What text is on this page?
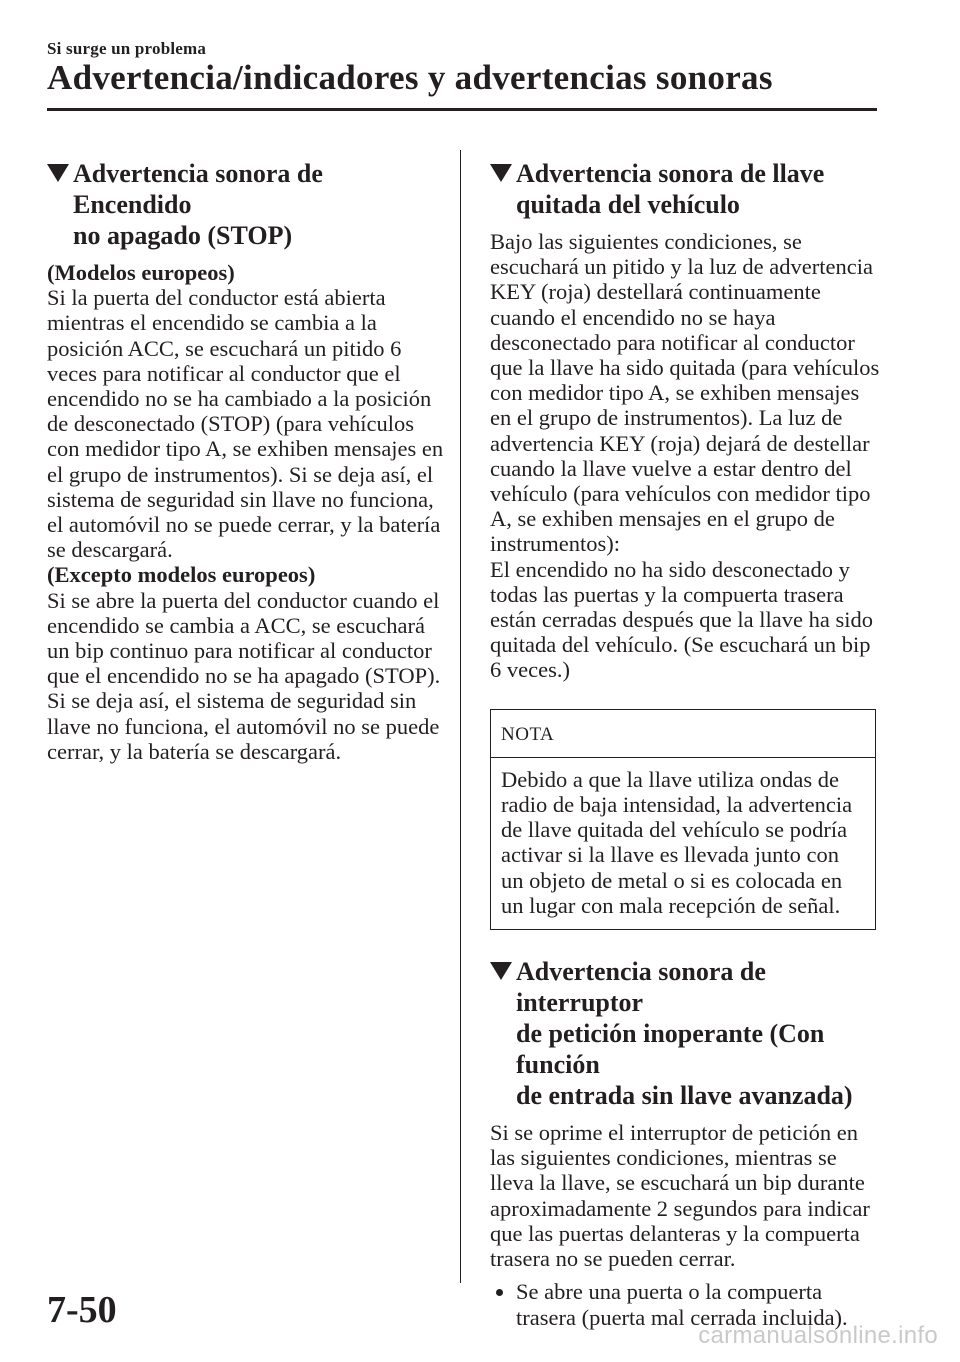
Si surge un problema
Advertencia/indicadores y advertencias sonoras
Advertencia sonora de Encendido
no apagado (STOP)
(Modelos europeos)

Si la puerta del conductor está abierta mientras el encendido se cambia a la posición ACC, se escuchará un pitido 6 veces para notificar al conductor que el encendido no se ha cambiado a la posición de desconectado (STOP) (para vehículos con medidor tipo A, se exhiben mensajes en el grupo de instrumentos). Si se deja así, el sistema de seguridad sin llave no funciona, el automóvil no se puede cerrar, y la batería se descargará.

(Excepto modelos europeos)

Si se abre la puerta del conductor cuando el encendido se cambia a ACC, se escuchará un bip continuo para notificar al conductor que el encendido no se ha apagado (STOP). Si se deja así, el sistema de seguridad sin llave no funciona, el automóvil no se puede cerrar, y la batería se descargará.

Advertencia sonora de llave
quitada del vehículo

Bajo las siguientes condiciones, se escuchará un pitido y la luz de advertencia KEY (roja) destellará continuamente cuando el encendido no se haya desconectado para notificar al conductor que la llave ha sido quitada (para vehículos con medidor tipo A, se exhiben mensajes en el grupo de instrumentos). La luz de advertencia KEY (roja) dejará de destellar cuando la llave vuelve a estar dentro del vehículo (para vehículos con medidor tipo A, se exhiben mensajes en el grupo de instrumentos):

El encendido no ha sido desconectado y todas las puertas y la compuerta trasera están cerradas después que la llave ha sido quitada del vehículo. (Se escuchará un bip 6 veces.)

NOTA
Debido a que la llave utiliza ondas de radio de baja intensidad, la advertencia de llave quitada del vehículo se podría activar si la llave es llevada junto con un objeto de metal o si es colocada en un lugar con mala recepción de señal.
Advertencia sonora de interruptor
de petición inoperante (Con función
de entrada sin llave avanzada)

Si se oprime el interruptor de petición en las siguientes condiciones, mientras se lleva la llave, se escuchará un bip durante aproximadamente 2 segundos para indicar que las puertas delanteras y la compuerta trasera no se pueden cerrar.

Se abre una puerta o la compuerta trasera (puerta mal cerrada incluida).
7-50
carmanualsonline.info
